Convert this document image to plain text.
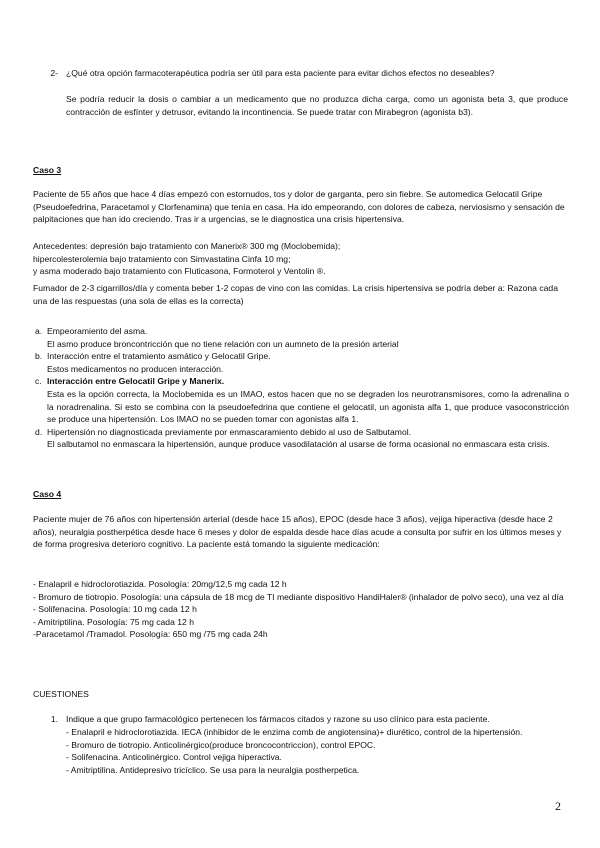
2- ¿Qué otra opción farmacoterapéutica podría ser útil para esta paciente para evitar dichos efectos no deseables?
Se podría reducir la dosis o cambiar a un medicamento que no produzca dicha carga, como un agonista beta 3, que produce contracción de esfínter y detrusor, evitando la incontinencia. Se puede tratar con Mirabegron (agonista b3).
Caso 3
Paciente de 55 años que hace 4 días empezó con estornudos, tos y dolor de garganta, pero sin fiebre. Se automedica Gelocatil Gripe (Pseudoefedrina, Paracetamol y Clorfenamina) que tenía en casa. Ha ido empeorando, con dolores de cabeza, nerviosismo y sensación de palpitaciones que han ido creciendo. Tras ir a urgencias, se le diagnostica una crisis hipertensiva.
Antecedentes: depresión bajo tratamiento con Manerix® 300 mg (Moclobemida);
hipercolesterolemia bajo tratamiento con Simvastatina Cinfa 10 mg;
y asma moderado bajo tratamiento con Fluticasona, Formoterol y Ventolin ®.
Fumador de 2-3 cigarrillos/día y comenta beber 1-2 copas de vino con las comidas. La crisis hipertensiva se podría deber a: Razona cada una de las respuestas (una sola de ellas es la correcta)
a. Empeoramiento del asma.
El asmo produce broncontricción que no tiene relación con un aumneto de la presión arterial
b. Interacción entre el tratamiento asmático y Gelocatil Gripe.
Estos medicamentos no producen interacción.
c. Interacción entre Gelocatil Gripe y Manerix.
Esta es la opción correcta, la Moclobemida es un IMAO, estos hacen que no se degraden los neurotransmisores, como la adrenalina o la noradrenalina. Si esto se combina con la pseudoefedrina que contiene el gelocatil, un agonista alfa 1, que produce vasoconstricción se produce una hipertensión. Los IMAO no se pueden tomar con agonistas alfa 1.
d. Hipertensión no diagnosticada previamente por enmascaramiento debido al uso de Salbutamol.
El salbutamol no enmascara la hipertensión, aunque produce vasodilatación al usarse de forma ocasional no enmascara esta crisis.
Caso 4
Paciente mujer de 76 años con hipertensión arterial (desde hace 15 años), EPOC (desde hace 3 años), vejiga hiperactiva (desde hace 2 años), neuralgia postherpética desde hace 6 meses y dolor de espalda desde hace días acude a consulta por sufrir en los últimos meses y de forma progresiva deterioro cognitivo. La paciente está tomando la siguiente medicación:
- Enalapril e hidroclorotiazida. Posología: 20mg/12,5 mg cada 12 h
- Bromuro de tiotropio. Posología: una cápsula de 18 mcg de TI mediante dispositivo HandiHaler® (inhalador de polvo seco), una vez al día
- Solifenacina. Posología: 10 mg cada 12 h
- Amitriptilina. Posología: 75 mg cada 12 h
-Paracetamol /Tramadol. Posología: 650 mg /75 mg cada 24h
CUESTIONES
1. Indique a que grupo farmacológico pertenecen los fármacos citados y razone su uso clínico para esta paciente.
- Enalapril e hidroclorotiazida. IECA (inhibidor de le enzima comb de angiotensina)+ diurético, control de la hipertensión.
- Bromuro de tiotropio. Anticolinérgico(produce broncocontriccion), control EPOC.
- Solifenacina. Anticolinérgico. Control vejiga hiperactiva.
- Amitriptilina. Antidepresivo tricíclico. Se usa para la neuralgia postherpetica.
2
